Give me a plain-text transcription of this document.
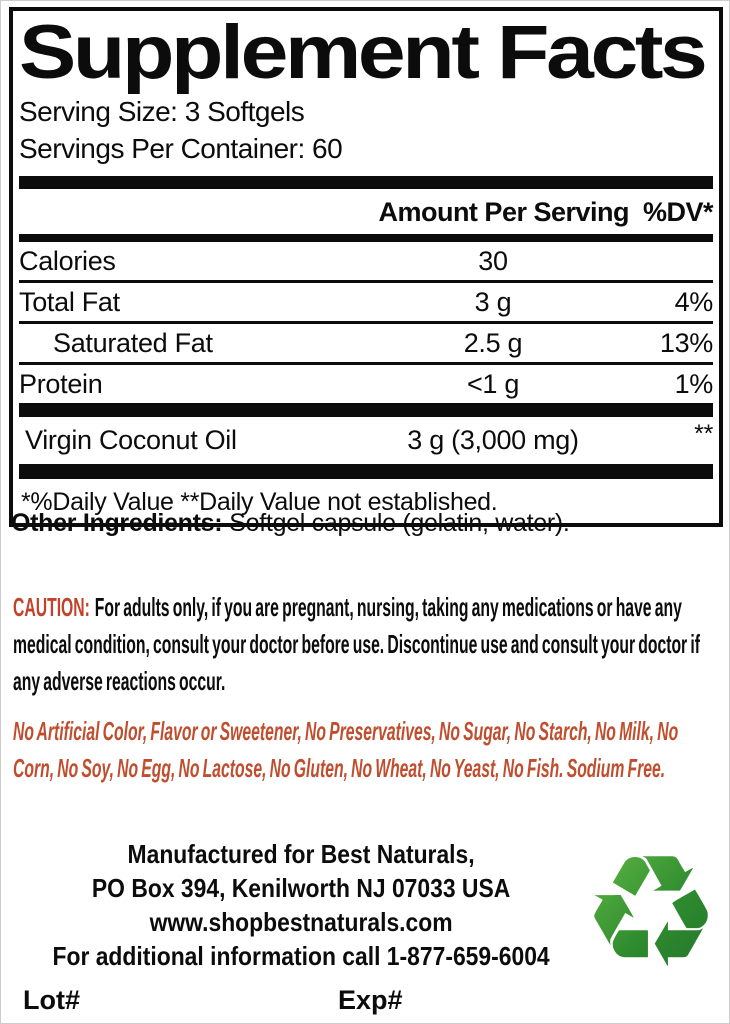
Supplement Facts
Serving Size: 3 Softgels
Servings Per Container: 60
Amount Per Serving %DV*
Calories	30
Total Fat	3 g	4%
Saturated Fat	2.5 g	13%
Protein	<1 g	1%
Virgin Coconut Oil	3 g (3,000 mg)	**
*%Daily Value **Daily Value not established.
Other Ingredients: Softgel capsule (gelatin, water).
CAUTION: For adults only, if you are pregnant, nursing, taking any medications or have any medical condition, consult your doctor before use. Discontinue use and consult your doctor if any adverse reactions occur.
No Artificial Color, Flavor or Sweetener, No Preservatives, No Sugar, No Starch, No Milk, No Corn, No Soy, No Egg, No Lactose, No Gluten, No Wheat, No Yeast, No Fish. Sodium Free.
Manufactured for Best Naturals,
PO Box 394, Kenilworth NJ 07033 USA
www.shopbestnaturals.com
For additional information call 1-877-659-6004
Lot#	Exp#
♻
